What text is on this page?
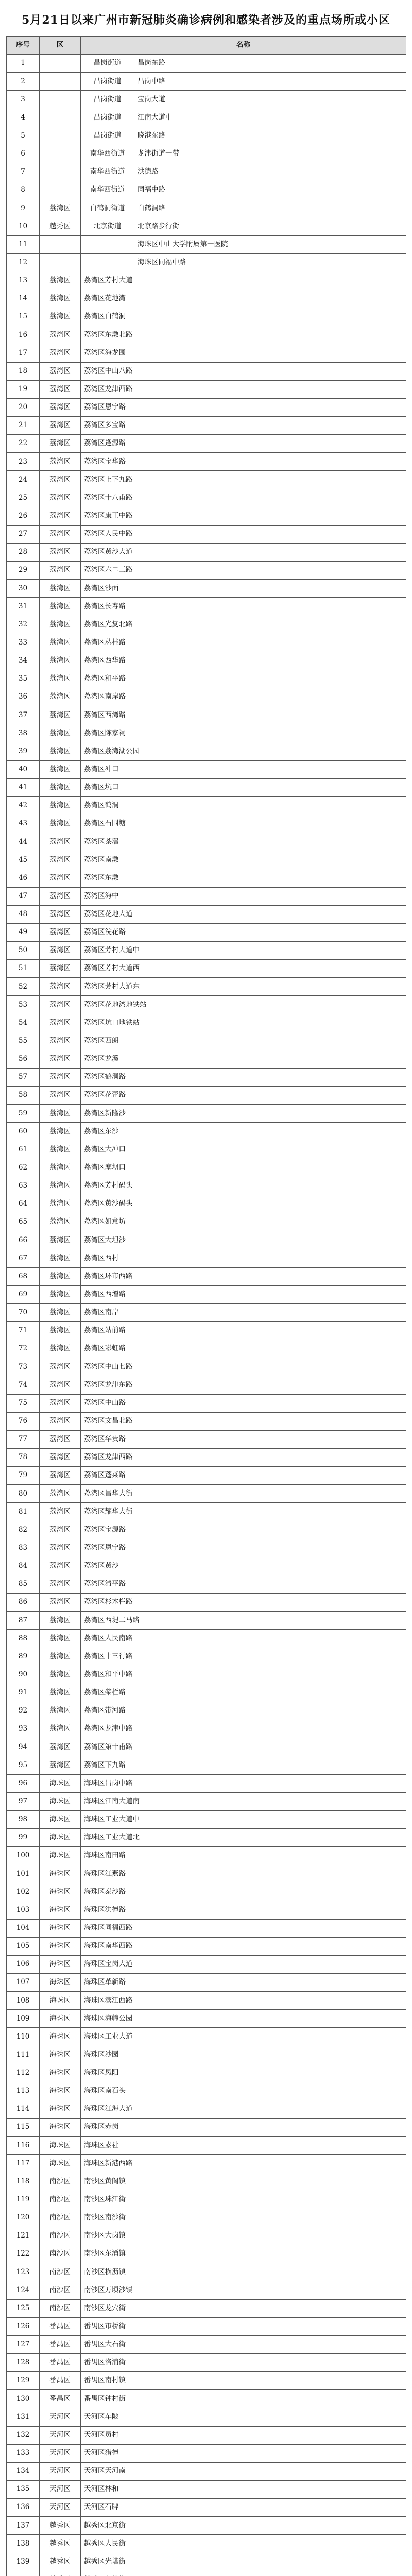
5月21日以来广州市新冠肺炎确诊病例和感染者涉及的重点场所或小区
序号	区	名称	
1		昌岗街道	昌岗东路
2		昌岗街道	昌岗中路
3		昌岗街道	宝岗大道
4		昌岗街道	江南大道中
5		昌岗街道	晓港东路
6		南华西街道	龙津街道一带
7		南华西街道	洪德路
8		南华西街道	同福中路
9	荔湾区	白鹤洞街道	白鹤洞路
10	越秀区	北京街道	北京路步行街
11			海珠区中山大学附属第一医院
12			海珠区同福中路
13	荔湾区	荔湾区芳村大道	
14	荔湾区	荔湾区花地湾	
15	荔湾区	荔湾区白鹤洞	
16	荔湾区	荔湾区东漖北路	
17	荔湾区	荔湾区海龙围	
18	荔湾区	荔湾区中山八路	
19	荔湾区	荔湾区龙津西路	
20	荔湾区	荔湾区恩宁路	
21	荔湾区	荔湾区多宝路	
22	荔湾区	荔湾区逢源路	
23	荔湾区	荔湾区宝华路	
24	荔湾区	荔湾区上下九路	
25	荔湾区	荔湾区十八甫路	
26	荔湾区	荔湾区康王中路	
27	荔湾区	荔湾区人民中路	
28	荔湾区	荔湾区黄沙大道	
29	荔湾区	荔湾区六二三路	
30	荔湾区	荔湾区沙面	
31	荔湾区	荔湾区长寿路	
32	荔湾区	荔湾区光复北路	
33	荔湾区	荔湾区丛桂路	
34	荔湾区	荔湾区西华路	
35	荔湾区	荔湾区和平路	
36	荔湾区	荔湾区南岸路	
37	荔湾区	荔湾区西湾路	
38	荔湾区	荔湾区陈家祠	
39	荔湾区	荔湾区荔湾湖公园	
40	荔湾区	荔湾区冲口	
41	荔湾区	荔湾区坑口	
42	荔湾区	荔湾区鹤洞	
43	荔湾区	荔湾区石围塘	
44	荔湾区	荔湾区茶滘	
45	荔湾区	荔湾区南漖	
46	荔湾区	荔湾区东漖	
47	荔湾区	荔湾区海中	
48	荔湾区	荔湾区花地大道	
49	荔湾区	荔湾区浣花路	
50	荔湾区	荔湾区芳村大道中	
51	荔湾区	荔湾区芳村大道西	
52	荔湾区	荔湾区芳村大道东	
53	荔湾区	荔湾区花地湾地铁站	
54	荔湾区	荔湾区坑口地铁站	
55	荔湾区	荔湾区西朗	
56	荔湾区	荔湾区龙溪	
57	荔湾区	荔湾区鹤洞路	
58	荔湾区	荔湾区花蕾路	
59	荔湾区	荔湾区新隆沙	
60	荔湾区	荔湾区东沙	
61	荔湾区	荔湾区大冲口	
62	荔湾区	荔湾区塞坝口	
63	荔湾区	荔湾区芳村码头	
64	荔湾区	荔湾区黄沙码头	
65	荔湾区	荔湾区如意坊	
66	荔湾区	荔湾区大坦沙	
67	荔湾区	荔湾区西村	
68	荔湾区	荔湾区环市西路	
69	荔湾区	荔湾区西增路	
70	荔湾区	荔湾区南岸	
71	荔湾区	荔湾区站前路	
72	荔湾区	荔湾区彩虹路	
73	荔湾区	荔湾区中山七路	
74	荔湾区	荔湾区龙津东路	
75	荔湾区	荔湾区中山路	
76	荔湾区	荔湾区文昌北路	
77	荔湾区	荔湾区华贵路	
78	荔湾区	荔湾区龙津西路	
79	荔湾区	荔湾区蓬莱路	
80	荔湾区	荔湾区昌华大街	
81	荔湾区	荔湾区耀华大街	
82	荔湾区	荔湾区宝源路	
83	荔湾区	荔湾区恩宁路	
84	荔湾区	荔湾区黄沙	
85	荔湾区	荔湾区清平路	
86	荔湾区	荔湾区杉木栏路	
87	荔湾区	荔湾区西堤二马路	
88	荔湾区	荔湾区人民南路	
89	荔湾区	荔湾区十三行路	
90	荔湾区	荔湾区和平中路	
91	荔湾区	荔湾区桨栏路	
92	荔湾区	荔湾区带河路	
93	荔湾区	荔湾区龙津中路	
94	荔湾区	荔湾区第十甫路	
95	荔湾区	荔湾区下九路	
96	海珠区	海珠区昌岗中路	
97	海珠区	海珠区江南大道南	
98	海珠区	海珠区工业大道中	
99	海珠区	海珠区工业大道北	
100	海珠区	海珠区南田路	
101	海珠区	海珠区江燕路	
102	海珠区	海珠区泰沙路	
103	海珠区	海珠区洪德路	
104	海珠区	海珠区同福西路	
105	海珠区	海珠区南华西路	
106	海珠区	海珠区宝岗大道	
107	海珠区	海珠区革新路	
108	海珠区	海珠区滨江西路	
109	海珠区	海珠区海幢公园	
110	海珠区	海珠区工业大道	
111	海珠区	海珠区沙园	
112	海珠区	海珠区凤阳	
113	海珠区	海珠区南石头	
114	海珠区	海珠区江海大道	
115	海珠区	海珠区赤岗	
116	海珠区	海珠区素社	
117	海珠区	海珠区新港西路	
118	南沙区	南沙区黄阁镇	
119	南沙区	南沙区珠江街	
120	南沙区	南沙区南沙街	
121	南沙区	南沙区大岗镇	
122	南沙区	南沙区东涌镇	
123	南沙区	南沙区横沥镇	
124	南沙区	南沙区万顷沙镇	
125	南沙区	南沙区龙穴街	
126	番禺区	番禺区市桥街	
127	番禺区	番禺区大石街	
128	番禺区	番禺区洛浦街	
129	番禺区	番禺区南村镇	
130	番禺区	番禺区钟村街	
131	天河区	天河区车陂	
132	天河区	天河区员村	
133	天河区	天河区猎德	
134	天河区	天河区天河南	
135	天河区	天河区林和	
136	天河区	天河区石牌	
137	越秀区	越秀区北京街	
138	越秀区	越秀区人民街	
139	越秀区	越秀区光塔街	
